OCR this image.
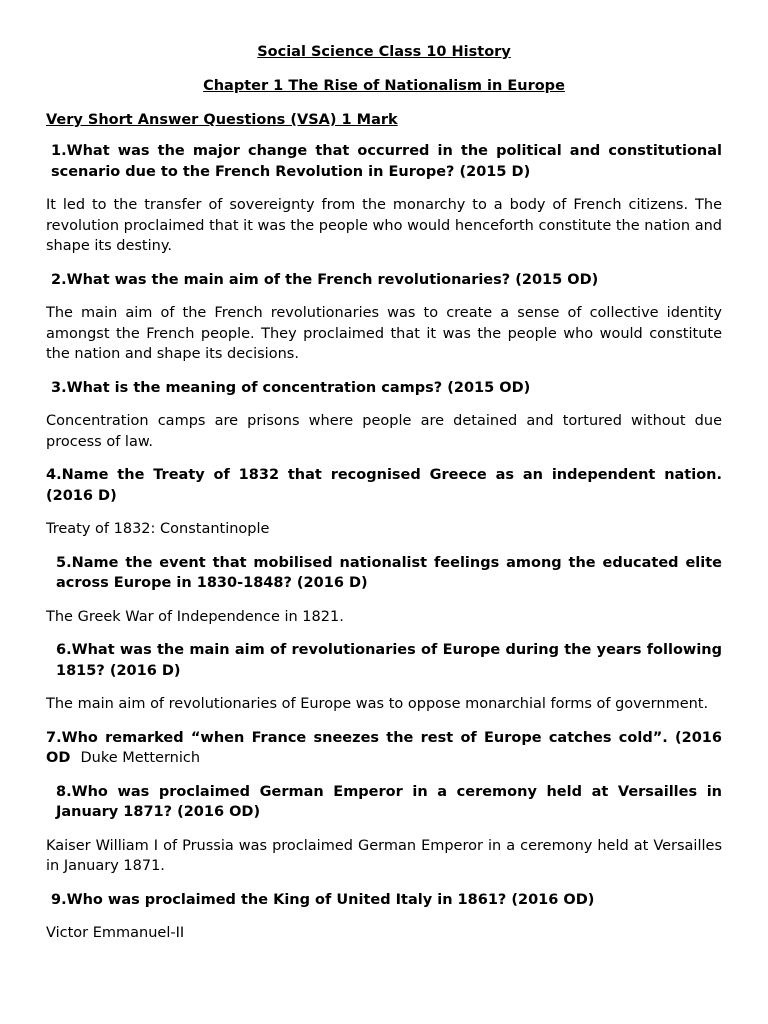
Social Science Class 10 History

Chapter 1 The Rise of Nationalism in Europe

Very Short Answer Questions (VSA) 1 Mark

1.What was the major change that occurred in the political and constitutional scenario due to the French Revolution in Europe? (2015 D)

It led to the transfer of sovereignty from the monarchy to a body of French citizens. The revolution proclaimed that it was the people who would henceforth constitute the nation and shape its destiny.

2.What was the main aim of the French revolutionaries? (2015 OD)

The main aim of the French revolutionaries was to create a sense of collective identity amongst the French people. They proclaimed that it was the people who would constitute the nation and shape its decisions.

3.What is the meaning of concentration camps? (2015 OD)

Concentration camps are prisons where people are detained and tortured without due process of law.

4.Name the Treaty of 1832 that recognised Greece as an independent nation. (2016 D)

Treaty of 1832: Constantinople

5.Name the event that mobilised nationalist feelings among the educated elite across Europe in 1830-1848? (2016 D)

The Greek War of Independence in 1821.

6.What was the main aim of revolutionaries of Europe during the years following 1815? (2016 D)

The main aim of revolutionaries of Europe was to oppose monarchial forms of government.

7.Who remarked “when France sneezes the rest of Europe catches cold”. (2016 OD Duke Metternich

8.Who was proclaimed German Emperor in a ceremony held at Versailles in January 1871? (2016 OD)

Kaiser William I of Prussia was proclaimed German Emperor in a ceremony held at Versailles in January 1871.

9.Who was proclaimed the King of United Italy in 1861? (2016 OD)

Victor Emmanuel-II
